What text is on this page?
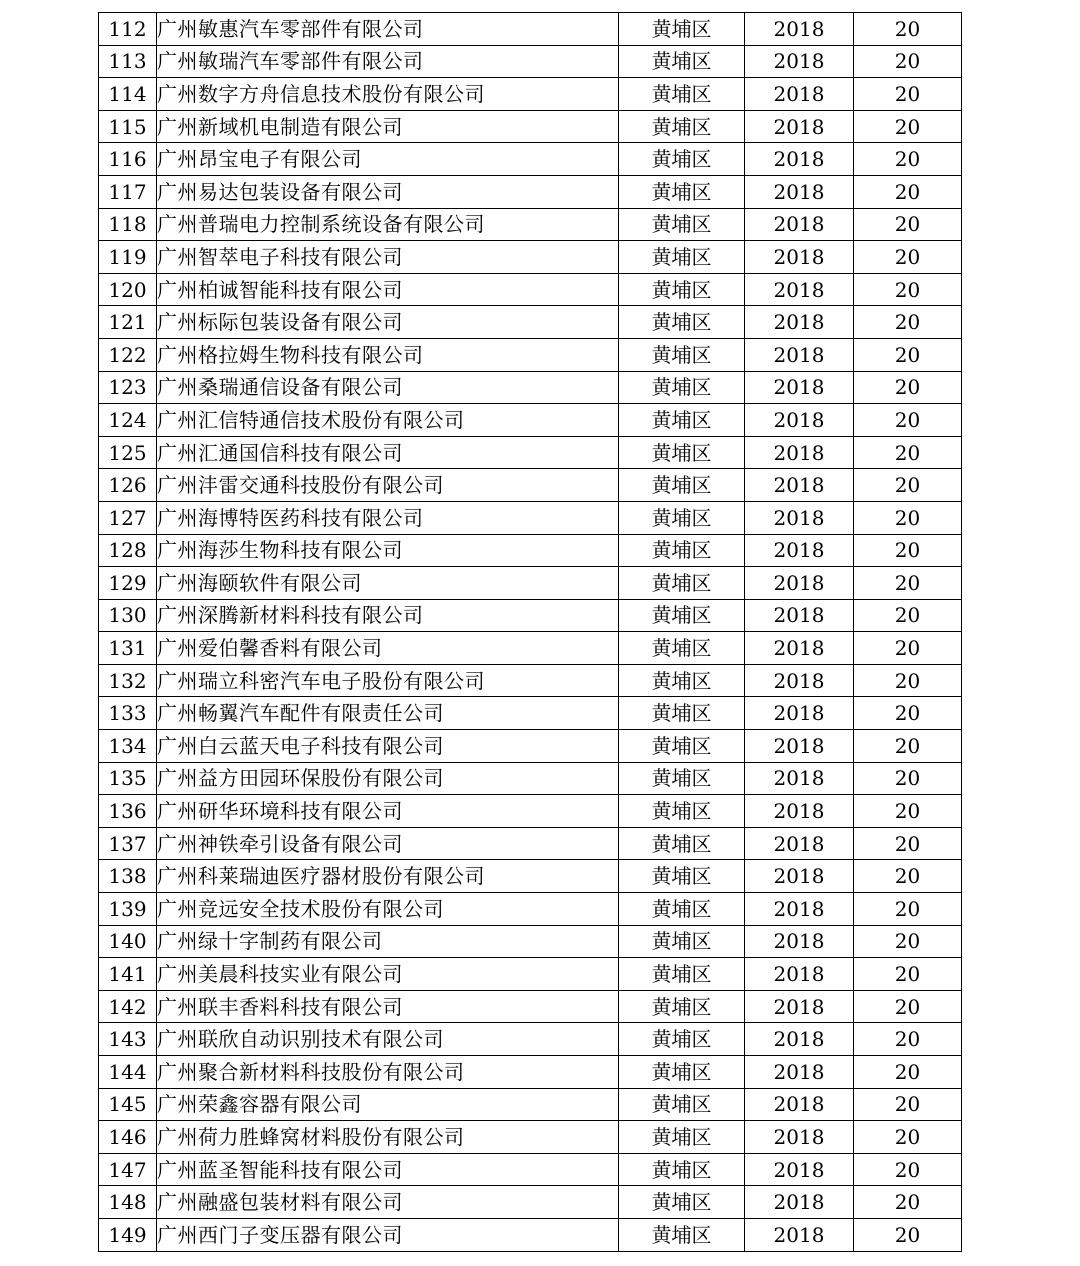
112	广州敏惠汽车零部件有限公司	黄埔区	2018	20
113	广州敏瑞汽车零部件有限公司	黄埔区	2018	20
114	广州数字方舟信息技术股份有限公司	黄埔区	2018	20
115	广州新域机电制造有限公司	黄埔区	2018	20
116	广州昂宝电子有限公司	黄埔区	2018	20
117	广州易达包装设备有限公司	黄埔区	2018	20
118	广州普瑞电力控制系统设备有限公司	黄埔区	2018	20
119	广州智萃电子科技有限公司	黄埔区	2018	20
120	广州柏诚智能科技有限公司	黄埔区	2018	20
121	广州标际包装设备有限公司	黄埔区	2018	20
122	广州格拉姆生物科技有限公司	黄埔区	2018	20
123	广州桑瑞通信设备有限公司	黄埔区	2018	20
124	广州汇信特通信技术股份有限公司	黄埔区	2018	20
125	广州汇通国信科技有限公司	黄埔区	2018	20
126	广州沣雷交通科技股份有限公司	黄埔区	2018	20
127	广州海博特医药科技有限公司	黄埔区	2018	20
128	广州海莎生物科技有限公司	黄埔区	2018	20
129	广州海颐软件有限公司	黄埔区	2018	20
130	广州深腾新材料科技有限公司	黄埔区	2018	20
131	广州爱伯馨香料有限公司	黄埔区	2018	20
132	广州瑞立科密汽车电子股份有限公司	黄埔区	2018	20
133	广州畅翼汽车配件有限责任公司	黄埔区	2018	20
134	广州白云蓝天电子科技有限公司	黄埔区	2018	20
135	广州益方田园环保股份有限公司	黄埔区	2018	20
136	广州研华环境科技有限公司	黄埔区	2018	20
137	广州神铁牵引设备有限公司	黄埔区	2018	20
138	广州科莱瑞迪医疗器材股份有限公司	黄埔区	2018	20
139	广州竞远安全技术股份有限公司	黄埔区	2018	20
140	广州绿十字制药有限公司	黄埔区	2018	20
141	广州美晨科技实业有限公司	黄埔区	2018	20
142	广州联丰香料科技有限公司	黄埔区	2018	20
143	广州联欣自动识别技术有限公司	黄埔区	2018	20
144	广州聚合新材料科技股份有限公司	黄埔区	2018	20
145	广州荣鑫容器有限公司	黄埔区	2018	20
146	广州荷力胜蜂窝材料股份有限公司	黄埔区	2018	20
147	广州蓝圣智能科技有限公司	黄埔区	2018	20
148	广州融盛包装材料有限公司	黄埔区	2018	20
149	广州西门子变压器有限公司	黄埔区	2018	20
